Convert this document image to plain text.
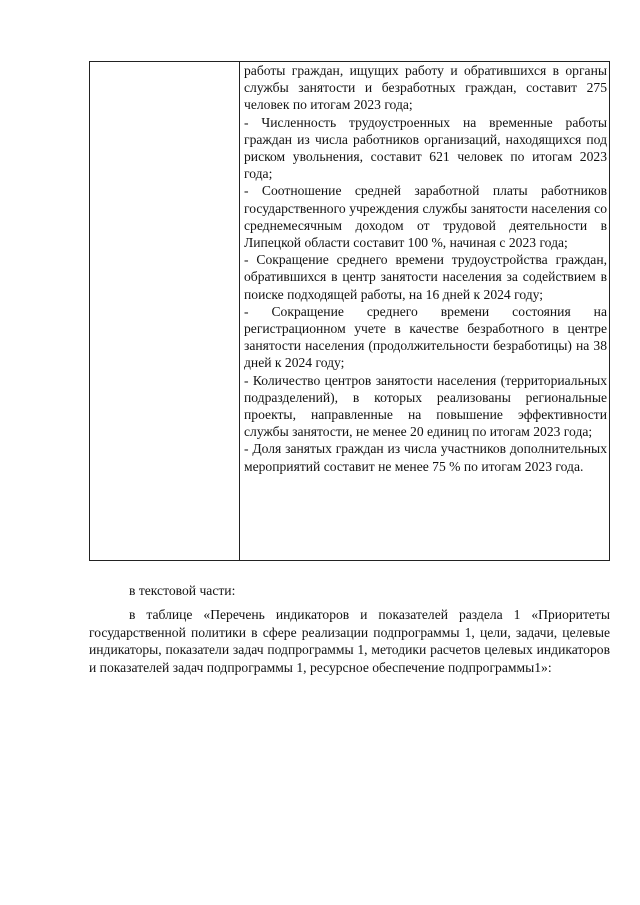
работы граждан, ищущих работу и обратившихся в органы службы занятости и безработных граждан, составит 275 человек по итогам 2023 года;

- Численность трудоустроенных на временные работы граждан из числа работников организаций, находящихся под риском увольнения, составит 621 человек по итогам 2023 года;

- Соотношение средней заработной платы работников государственного учреждения службы занятости населения со среднемесячным доходом от трудовой деятельности в Липецкой области составит 100 %, начиная с 2023 года;

- Сокращение среднего времени трудоустройства граждан, обратившихся в центр занятости населения за содействием в поиске подходящей работы, на 16 дней к 2024 году;

- Сокращение среднего времени состояния на регистрационном учете в качестве безработного в центре занятости населения (продолжительности безработицы) на 38 дней к 2024 году;

- Количество центров занятости населения (территориальных подразделений), в которых реализованы региональные проекты, направленные на повышение эффективности службы занятости, не менее 20 единиц по итогам 2023 года;

- Доля занятых граждан из числа участников дополнительных мероприятий составит не менее 75 % по итогам 2023 года.

в текстовой части:

в таблице «Перечень индикаторов и показателей раздела 1 «Приоритеты государственной политики в сфере реализации подпрограммы 1, цели, задачи, целевые индикаторы, показатели задач подпрограммы 1, методики расчетов целевых индикаторов и показателей задач подпрограммы 1, ресурсное обеспечение подпрограммы1»:
